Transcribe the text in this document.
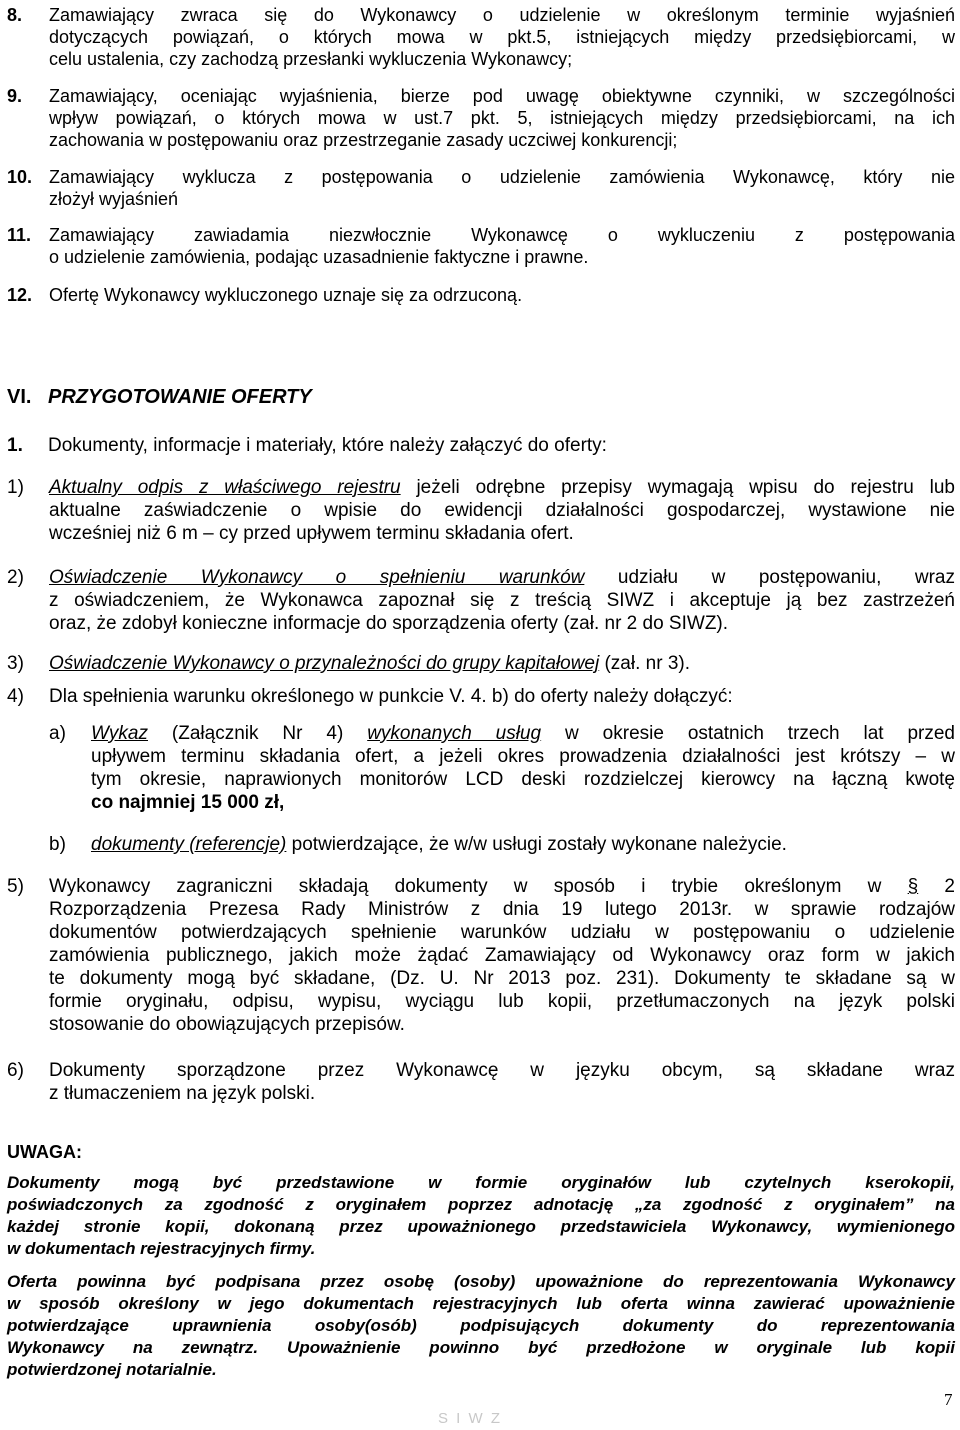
8. Zamawiający zwraca się do Wykonawcy o udzielenie w określonym terminie wyjaśnień
dotyczących powiązań, o których mowa w pkt.5, istniejących między przedsiębiorcami, w
celu ustalenia, czy zachodzą przesłanki wykluczenia Wykonawcy;
9. Zamawiający, oceniając wyjaśnienia, bierze pod uwagę obiektywne czynniki, w szczególności
wpływ powiązań, o których mowa w ust.7 pkt. 5, istniejących między przedsiębiorcami, na ich
zachowania w postępowaniu oraz przestrzeganie zasady uczciwej konkurencji;
10. Zamawiający wyklucza z postępowania o udzielenie zamówienia Wykonawcę, który nie
złożył wyjaśnień
11. Zamawiający zawiadamia niezwłocznie Wykonawcę o wykluczeniu z postępowania
o udzielenie zamówienia, podając uzasadnienie faktyczne i prawne.
12. Ofertę Wykonawcy wykluczonego uznaje się za odrzuconą.
VI. PRZYGOTOWANIE OFERTY
1. Dokumenty, informacje i materiały, które należy załączyć do oferty:
1) Aktualny odpis z właściwego rejestru jeżeli odrębne przepisy wymagają wpisu do rejestru lub
aktualne zaświadczenie o wpisie do ewidencji działalności gospodarczej, wystawione nie
wcześniej niż 6 m – cy przed upływem terminu składania ofert.
2) Oświadczenie Wykonawcy o spełnieniu warunków udziału w postępowaniu, wraz
z oświadczeniem, że Wykonawca zapoznał się z treścią SIWZ i akceptuje ją bez zastrzeżeń
oraz, że zdobył konieczne informacje do sporządzenia oferty (zał. nr 2 do SIWZ).
3) Oświadczenie Wykonawcy o przynależności do grupy kapitałowej (zał. nr 3).
4) Dla spełnienia warunku określonego w punkcie V. 4. b) do oferty należy dołączyć:
a) Wykaz (Załącznik Nr 4) wykonanych usług w okresie ostatnich trzech lat przed
upływem terminu składania ofert, a jeżeli okres prowadzenia działalności jest krótszy – w
tym okresie, naprawionych monitorów LCD deski rozdzielczej kierowcy na łączną kwotę
co najmniej 15 000 zł,
b) dokumenty (referencje) potwierdzające, że w/w usługi zostały wykonane należycie.
5) Wykonawcy zagraniczni składają dokumenty w sposób i trybie określonym w § 2
Rozporządzenia Prezesa Rady Ministrów z dnia 19 lutego 2013r. w sprawie rodzajów
dokumentów potwierdzających spełnienie warunków udziału w postępowaniu o udzielenie
zamówienia publicznego, jakich może żądać Zamawiający od Wykonawcy oraz form w jakich
te dokumenty mogą być składane, (Dz. U. Nr 2013 poz. 231). Dokumenty te składane są w
formie oryginału, odpisu, wypisu, wyciągu lub kopii, przetłumaczonych na język polski
stosowanie do obowiązujących przepisów.
6) Dokumenty sporządzone przez Wykonawcę w języku obcym, są składane wraz
z tłumaczeniem na język polski.
UWAGA:
Dokumenty mogą być przedstawione w formie oryginałów lub czytelnych kserokopii,
poświadczonych za zgodność z oryginałem poprzez adnotację „za zgodność z oryginałem” na
każdej stronie kopii, dokonaną przez upoważnionego przedstawiciela Wykonawcy, wymienionego
w dokumentach rejestracyjnych firmy.
Oferta powinna być podpisana przez osobę (osoby) upoważnione do reprezentowania Wykonawcy
w sposób określony w jego dokumentach rejestracyjnych lub oferta winna zawierać upoważnienie
potwierdzające uprawnienia osoby(osób) podpisujących dokumenty do reprezentowania
Wykonawcy na zewnątrz. Upoważnienie powinno być przedłożone w oryginale lub kopii
potwierdzonej notarialnie.
7
S I W Z
